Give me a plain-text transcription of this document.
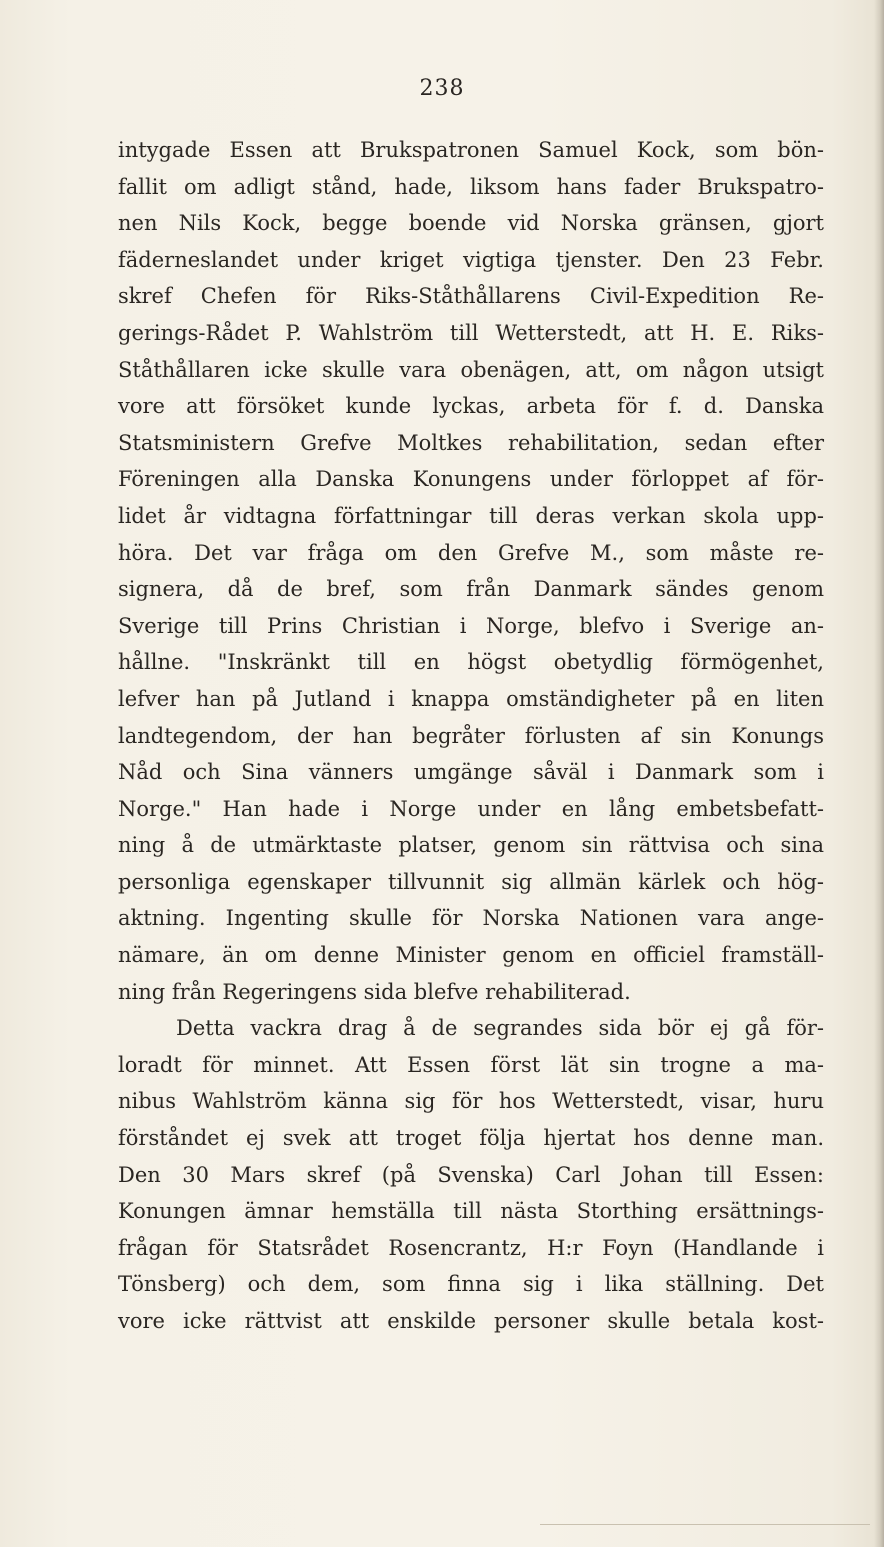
238
intygade Essen att Brukspatronen Samuel Kock, som bön-
fallit om adligt stånd, hade, liksom hans fader Brukspatro-
nen Nils Kock, begge boende vid Norska gränsen, gjort
fäderneslandet under kriget vigtiga tjenster. Den 23 Febr.
skref Chefen för Riks-Ståthållarens Civil-Expedition Re-
gerings-Rådet P. Wahlström till Wetterstedt, att H. E. Riks-
Ståthållaren icke skulle vara obenägen, att, om någon utsigt
vore att försöket kunde lyckas, arbeta för f. d. Danska
Statsministern Grefve Moltkes rehabilitation, sedan efter
Föreningen alla Danska Konungens under förloppet af för-
lidet år vidtagna författningar till deras verkan skola upp-
höra. Det var fråga om den Grefve M., som måste re-
signera, då de bref, som från Danmark sändes genom
Sverige till Prins Christian i Norge, blefvo i Sverige an-
hållne. "Inskränkt till en högst obetydlig förmögenhet,
lefver han på Jutland i knappa omständigheter på en liten
landtegendom, der han begråter förlusten af sin Konungs
Nåd och Sina vänners umgänge såväl i Danmark som i
Norge." Han hade i Norge under en lång embetsbefatt-
ning å de utmärktaste platser, genom sin rättvisa och sina
personliga egenskaper tillvunnit sig allmän kärlek och hög-
aktning. Ingenting skulle för Norska Nationen vara ange-
nämare, än om denne Minister genom en officiel framställ-
ning från Regeringens sida blefve rehabiliterad.
Detta vackra drag å de segrandes sida bör ej gå för-
loradt för minnet. Att Essen först lät sin trogne a ma-
nibus Wahlström känna sig för hos Wetterstedt, visar, huru
förståndet ej svek att troget följa hjertat hos denne man.
Den 30 Mars skref (på Svenska) Carl Johan till Essen:
Konungen ämnar hemställa till nästa Storthing ersättnings-
frågan för Statsrådet Rosencrantz, H:r Foyn (Handlande i
Tönsberg) och dem, som finna sig i lika ställning. Det
vore icke rättvist att enskilde personer skulle betala kost-
